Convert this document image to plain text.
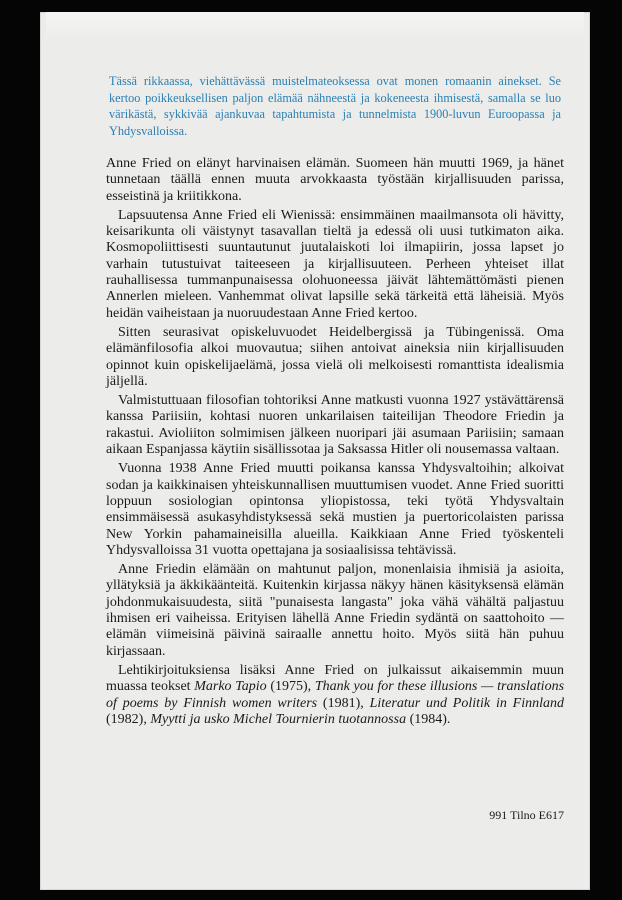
Tässä rikkaassa, viehättävässä muistelmateoksessa ovat monen romaanin ainekset. Se kertoo poikkeuksellisen paljon elämää nähneestä ja kokeneesta ihmisestä, samalla se luo värikästä, sykkivää ajankuvaa tapahtumista ja tunnelmista 1900-luvun Euroopassa ja Yhdysvalloissa.

Anne Fried on elänyt harvinaisen elämän. Suomeen hän muutti 1969, ja hänet tunnetaan täällä ennen muuta arvokkaasta työstään kirjallisuuden parissa, esseistinä ja kriitikkona.

Lapsuutensa Anne Fried eli Wienissä: ensimmäinen maailmansota oli hävitty, keisarikunta oli väistynyt tasavallan tieltä ja edessä oli uusi tutkimaton aika. Kosmopoliittisesti suuntautunut juutalaiskoti loi ilmapiirin, jossa lapset jo varhain tutustuivat taiteeseen ja kirjallisuuteen. Perheen yhteiset illat rauhallisessa tummanpunaisessa olohuoneessa jäivät lähtemättömästi pienen Annerlen mieleen. Vanhemmat olivat lapsille sekä tärkeitä että läheisiä. Myös heidän vaiheistaan ja nuoruudestaan Anne Fried kertoo.

Sitten seurasivat opiskeluvuodet Heidelbergissä ja Tübingenissä. Oma elämänfilosofia alkoi muovautua; siihen antoivat aineksia niin kirjallisuuden opinnot kuin opiskelijaelämä, jossa vielä oli melkoisesti romanttista idealismia jäljellä.

Valmistuttuaan filosofian tohtoriksi Anne matkusti vuonna 1927 ystävättärensä kanssa Pariisiin, kohtasi nuoren unkarilaisen taiteilijan Theodore Friedin ja rakastui. Avioliiton solmimisen jälkeen nuoripari jäi asumaan Pariisiin; samaan aikaan Espanjassa käytiin sisällissotaa ja Saksassa Hitler oli nousemassa valtaan.

Vuonna 1938 Anne Fried muutti poikansa kanssa Yhdysvaltoihin; alkoivat sodan ja kaikkinaisen yhteiskunnallisen muuttumisen vuodet. Anne Fried suoritti loppuun sosiologian opintonsa yliopistossa, teki työtä Yhdysvaltain ensimmäisessä asukasyhdistyksessä sekä mustien ja puertoricolaisten parissa New Yorkin pahamaineisilla alueilla. Kaikkiaan Anne Fried työskenteli Yhdysvalloissa 31 vuotta opettajana ja sosiaalisissa tehtävissä.

Anne Friedin elämään on mahtunut paljon, monenlaisia ihmisiä ja asioita, yllätyksiä ja äkkikäänteitä. Kuitenkin kirjassa näkyy hänen käsityksensä elämän johdonmukaisuudesta, siitä "punaisesta langasta" joka vähä vähältä paljastuu ihmisen eri vaiheissa. Erityisen lähellä Anne Friedin sydäntä on saattohoito — elämän viimeisinä päivinä sairaalle annettu hoito. Myös siitä hän puhuu kirjassaan.

Lehtikirjoituksiensa lisäksi Anne Fried on julkaissut aikaisemmin muun muassa teokset Marko Tapio (1975), Thank you for these illusions — translations of poems by Finnish women writers (1981), Literatur und Politik in Finnland (1982), Myytti ja usko Michel Tournierin tuotannossa (1984).

991 Tilno E617
